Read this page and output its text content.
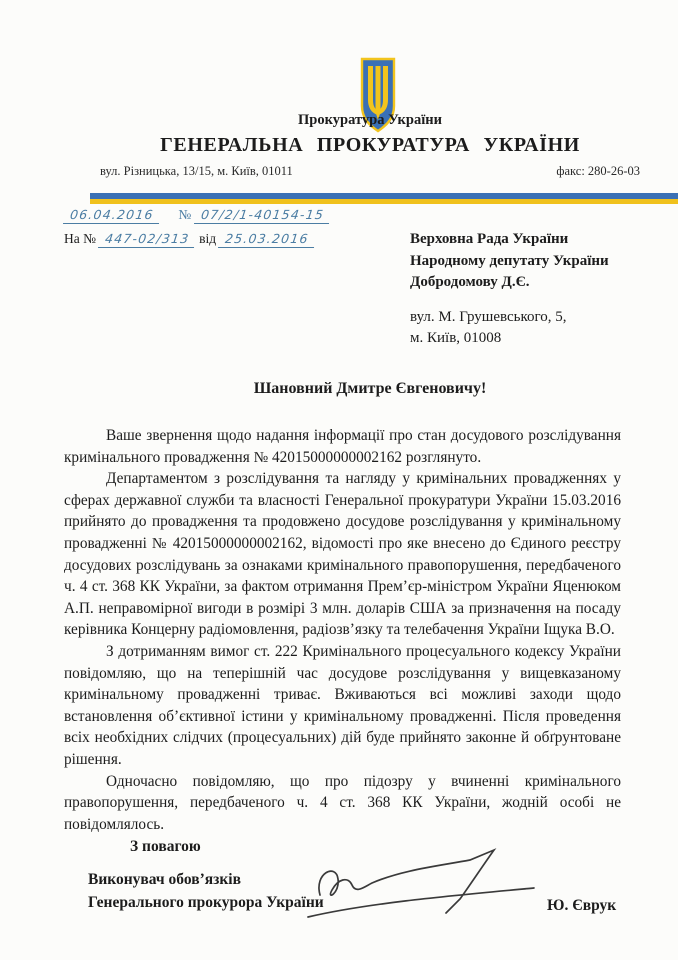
Прокуратура України
ГЕНЕРАЛЬНА ПРОКУРАТУРА УКРАЇНИ
вул. Різницька, 13/15, м. Київ, 01011	факс: 280-26-03
06.04.2016 № 07/2/1-40154-15
На № 447-02/313 від 25.03.2016	Верховна Рада України
Народному депутату України
Добродомову Д.Є.
вул. М. Грушевського, 5,
м. Київ, 01008
Шановний Дмитре Євгеновичу!

Ваше звернення щодо надання інформації про стан досудового розслідування кримінального провадження № 42015000000002162 розглянуто.

Департаментом з розслідування та нагляду у кримінальних провадженнях у сферах державної служби та власності Генеральної прокуратури України 15.03.2016 прийнято до провадження та продовжено досудове розслідування у кримінальному провадженні № 42015000000002162, відомості про яке внесено до Єдиного реєстру досудових розслідувань за ознаками кримінального правопорушення, передбаченого ч. 4 ст. 368 КК України, за фактом отримання Прем’єр-міністром України Яценюком А.П. неправомірної вигоди в розмірі 3 млн. доларів США за призначення на посаду керівника Концерну радіомовлення, радіозв’язку та телебачення України Іщука В.О.

З дотриманням вимог ст. 222 Кримінального процесуального кодексу України повідомляю, що на теперішній час досудове розслідування у вищевказаному кримінальному провадженні триває. Вживаються всі можливі заходи щодо встановлення об’єктивної істини у кримінальному провадженні. Після проведення всіх необхідних слідчих (процесуальних) дій буде прийнято законне й обґрунтоване рішення.

Одночасно повідомляю, що про підозру у вчиненні кримінального правопорушення, передбаченого ч. 4 ст. 368 КК України, жодній особі не повідомлялось.

З повагою
Виконувач обов’язків
Генерального прокурора України	Ю. Єврук
